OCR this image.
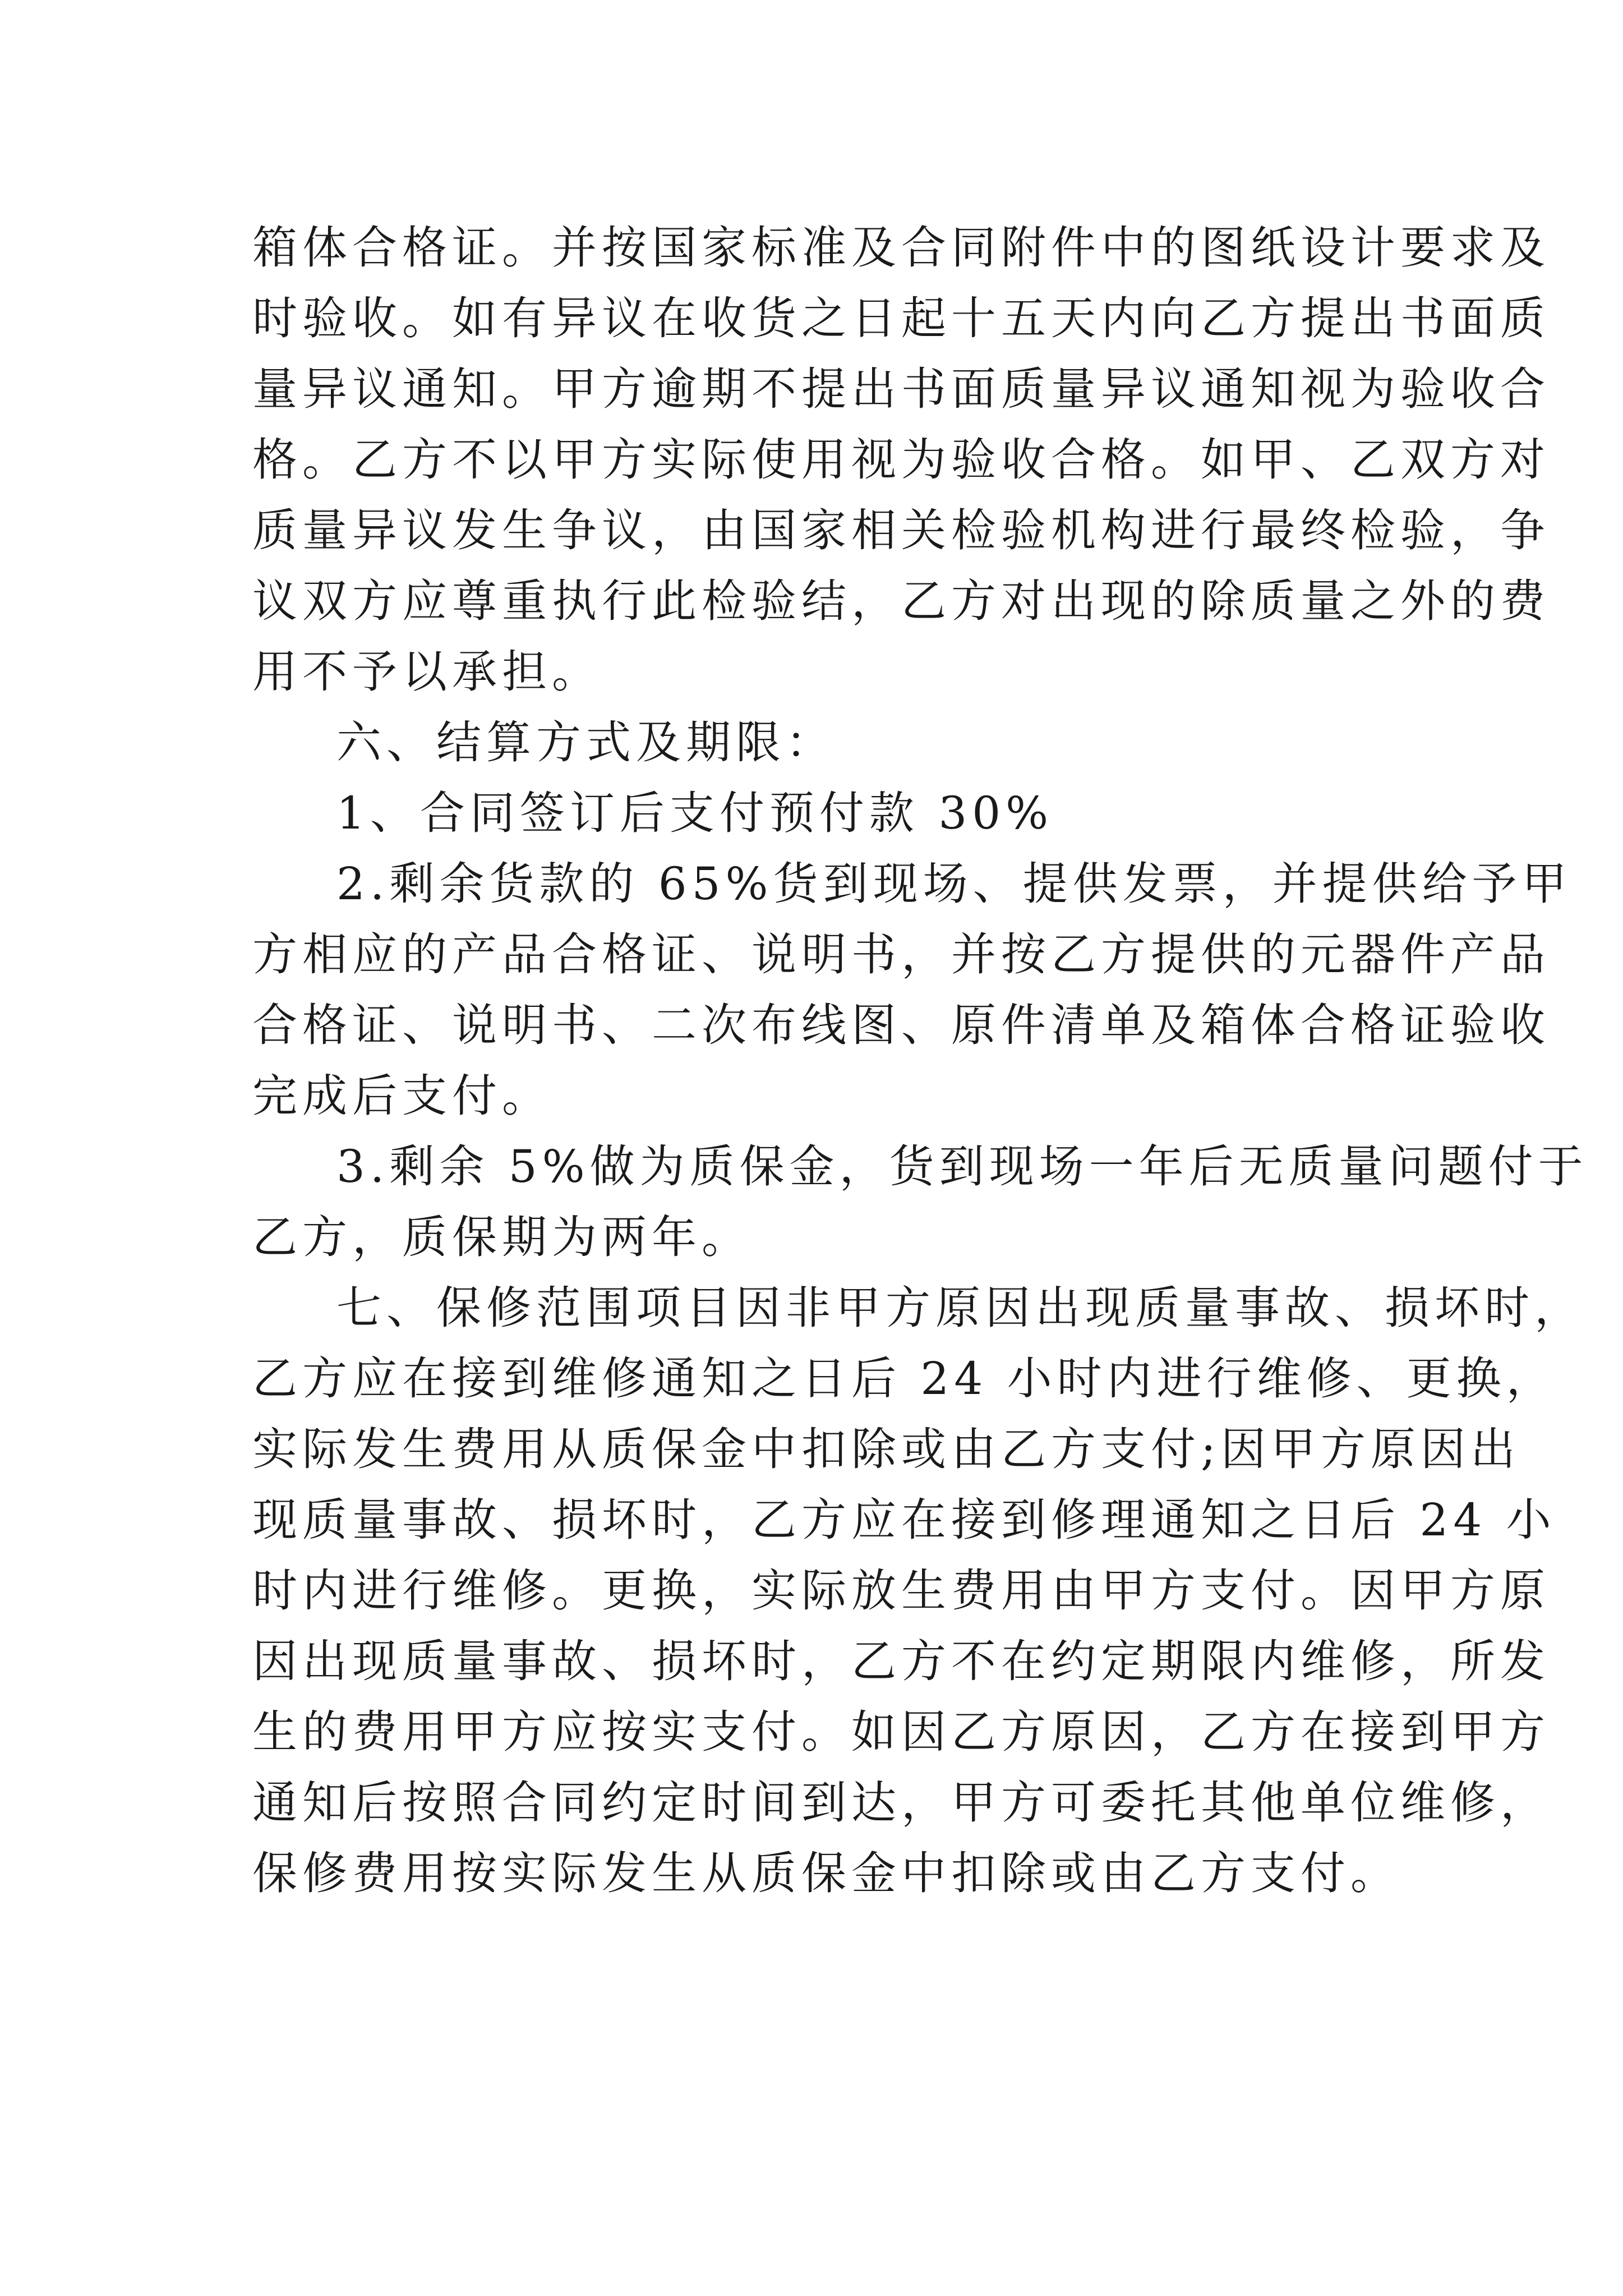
箱体合格证。并按国家标准及合同附件中的图纸设计要求及

时验收。如有异议在收货之日起十五天内向乙方提出书面质

量异议通知。甲方逾期不提出书面质量异议通知视为验收合

格。乙方不以甲方实际使用视为验收合格。如甲、乙双方对

质量异议发生争议，由国家相关检验机构进行最终检验，争

议双方应尊重执行此检验结，乙方对出现的除质量之外的费

用不予以承担。

六、结算方式及期限：

1、合同签订后支付预付款 30%

2.剩余货款的 65%货到现场、提供发票，并提供给予甲

方相应的产品合格证、说明书，并按乙方提供的元器件产品

合格证、说明书、二次布线图、原件清单及箱体合格证验收

完成后支付。

3.剩余 5%做为质保金，货到现场一年后无质量问题付于

乙方，质保期为两年。

七、保修范围项目因非甲方原因出现质量事故、损坏时，

乙方应在接到维修通知之日后 24 小时内进行维修、更换，

实际发生费用从质保金中扣除或由乙方支付;因甲方原因出

现质量事故、损坏时，乙方应在接到修理通知之日后 24 小

时内进行维修。更换，实际放生费用由甲方支付。因甲方原

因出现质量事故、损坏时，乙方不在约定期限内维修，所发

生的费用甲方应按实支付。如因乙方原因，乙方在接到甲方

通知后按照合同约定时间到达，甲方可委托其他单位维修，

保修费用按实际发生从质保金中扣除或由乙方支付。
